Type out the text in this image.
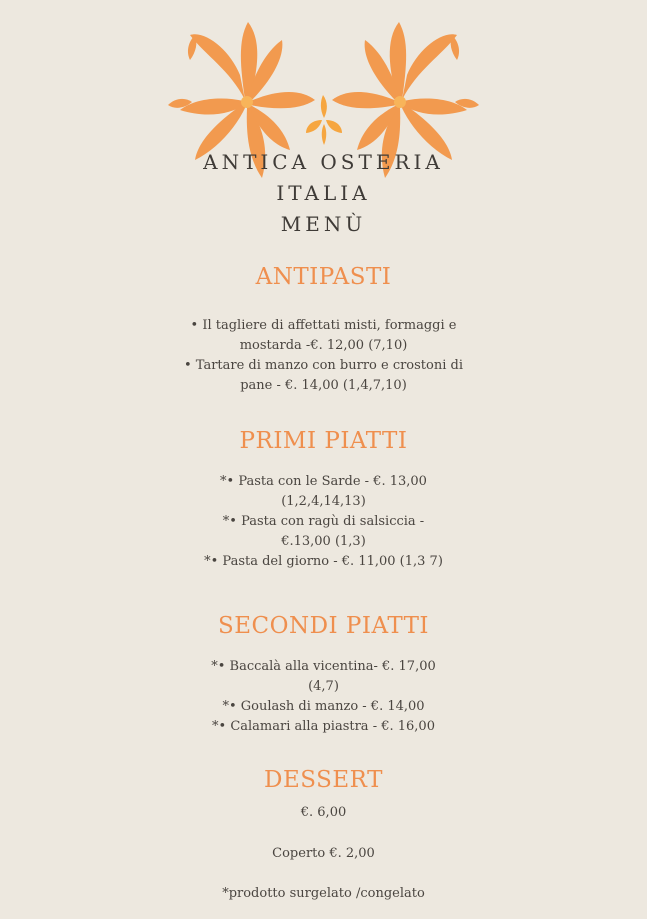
ANTICA OSTERIA
ITALIA
MENÙ
ANTIPASTI
• Il tagliere di affettati misti, formaggi e
mostarda -€. 12,00 (7,10)
• Tartare di manzo con burro e crostoni di
pane - €. 14,00 (1,4,7,10)
PRIMI PIATTI
*• Pasta con le Sarde - €. 13,00
(1,2,4,14,13)
*• Pasta con ragù di salsiccia -
€.13,00 (1,3)
*• Pasta del giorno - €. 11,00 (1,3 7)
SECONDI PIATTI
*• Baccalà alla vicentina- €. 17,00
(4,7)
*• Goulash di manzo - €. 14,00
*• Calamari alla piastra - €. 16,00
DESSERT
€. 6,00
Coperto €. 2,00
*prodotto surgelato /congelato
